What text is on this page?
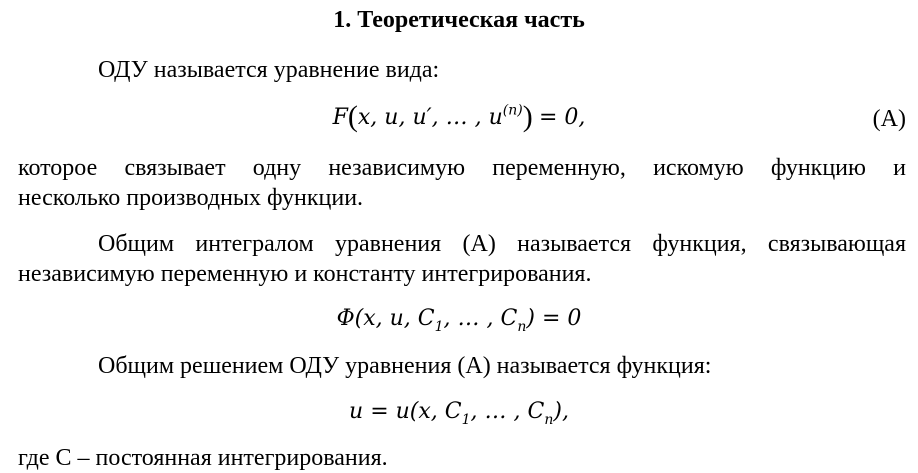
1. Теоретическая часть
ОДУ называется уравнение вида:
F(x, u, u′, … , $u^{(n)}) = 0$,	(A)
которое связывает одну независимую переменную, искомую функцию и
несколько производных функции.
Общим интегралом уравнения (А) называется функция, связывающая
независимую переменную и константу интегрирования.
Φ(x, u, $C_1$, … , $C_n) = 0$
Общим решением ОДУ уравнения (А) называется функция:
u = u(x, $C_1$, … , $C_n$),
где С – постоянная интегрирования.
